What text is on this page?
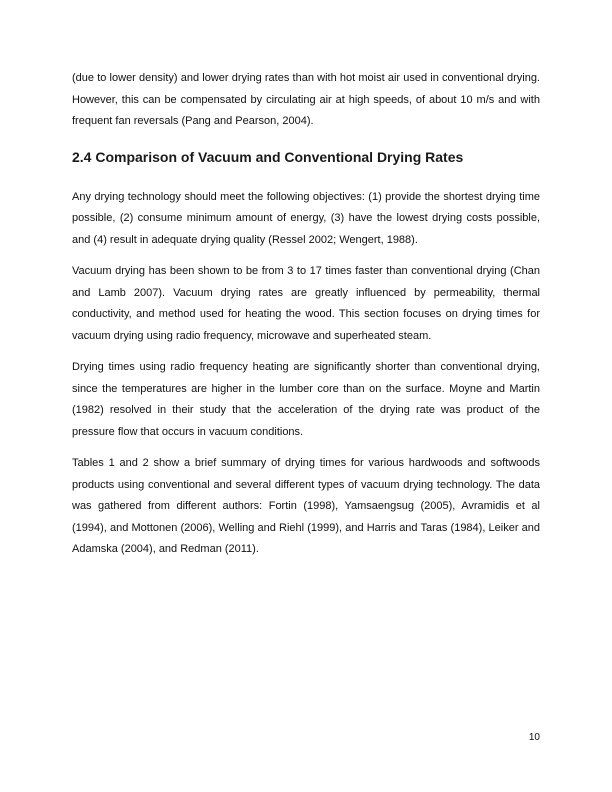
(due to lower density) and lower drying rates than with hot moist air used in conventional drying. However, this can be compensated by circulating air at high speeds, of about 10 m/s and with frequent fan reversals (Pang and Pearson, 2004).

2.4 Comparison of Vacuum and Conventional Drying Rates

Any drying technology should meet the following objectives: (1) provide the shortest drying time possible, (2) consume minimum amount of energy, (3) have the lowest drying costs possible, and (4) result in adequate drying quality (Ressel 2002; Wengert, 1988).

Vacuum drying has been shown to be from 3 to 17 times faster than conventional drying (Chan and Lamb 2007). Vacuum drying rates are greatly influenced by permeability, thermal conductivity, and method used for heating the wood. This section focuses on drying times for vacuum drying using radio frequency, microwave and superheated steam.

Drying times using radio frequency heating are significantly shorter than conventional drying, since the temperatures are higher in the lumber core than on the surface. Moyne and Martin (1982) resolved in their study that the acceleration of the drying rate was product of the pressure flow that occurs in vacuum conditions.

Tables 1 and 2 show a brief summary of drying times for various hardwoods and softwoods products using conventional and several different types of vacuum drying technology. The data was gathered from different authors: Fortin (1998), Yamsaengsug (2005), Avramidis et al (1994), and Mottonen (2006), Welling and Riehl (1999), and Harris and Taras (1984), Leiker and Adamska (2004), and Redman (2011).

10
